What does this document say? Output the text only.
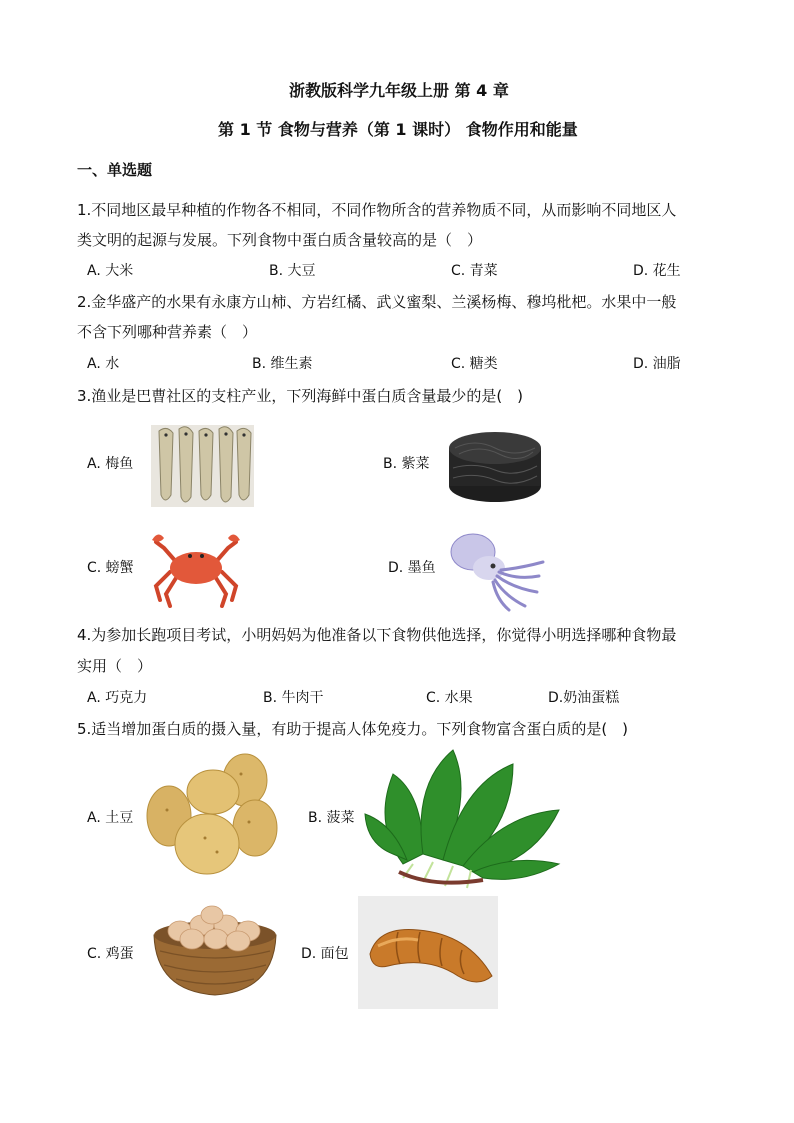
浙教版科学九年级上册 第 4 章
第 1 节 食物与营养（第 1 课时） 食物作用和能量
一、单选题
1.不同地区最早种植的作物各不相同，不同作物所含的营养物质不同，从而影响不同地区人
类文明的起源与发展。下列食物中蛋白质含量较高的是（　）
A. 大米	B. 大豆	C. 青菜	D. 花生
2.金华盛产的水果有永康方山柿、方岩红橘、武义蜜梨、兰溪杨梅、穆坞枇杷。水果中一般
不含下列哪种营养素（　）
A. 水	B. 维生素	C. 糖类	D. 油脂
3.渔业是巴曹社区的支柱产业，下列海鲜中蛋白质含量最少的是(　)
A. 梅鱼	B. 紫菜
C. 螃蟹	D. 墨鱼
4.为参加长跑项目考试，小明妈妈为他准备以下食物供他选择，你觉得小明选择哪种食物最
实用（　）
A. 巧克力	B. 牛肉干	C. 水果	D.奶油蛋糕
5.适当增加蛋白质的摄入量，有助于提高人体免疫力。下列食物富含蛋白质的是(　)
A. 土豆	B. 菠菜
C. 鸡蛋	D. 面包
